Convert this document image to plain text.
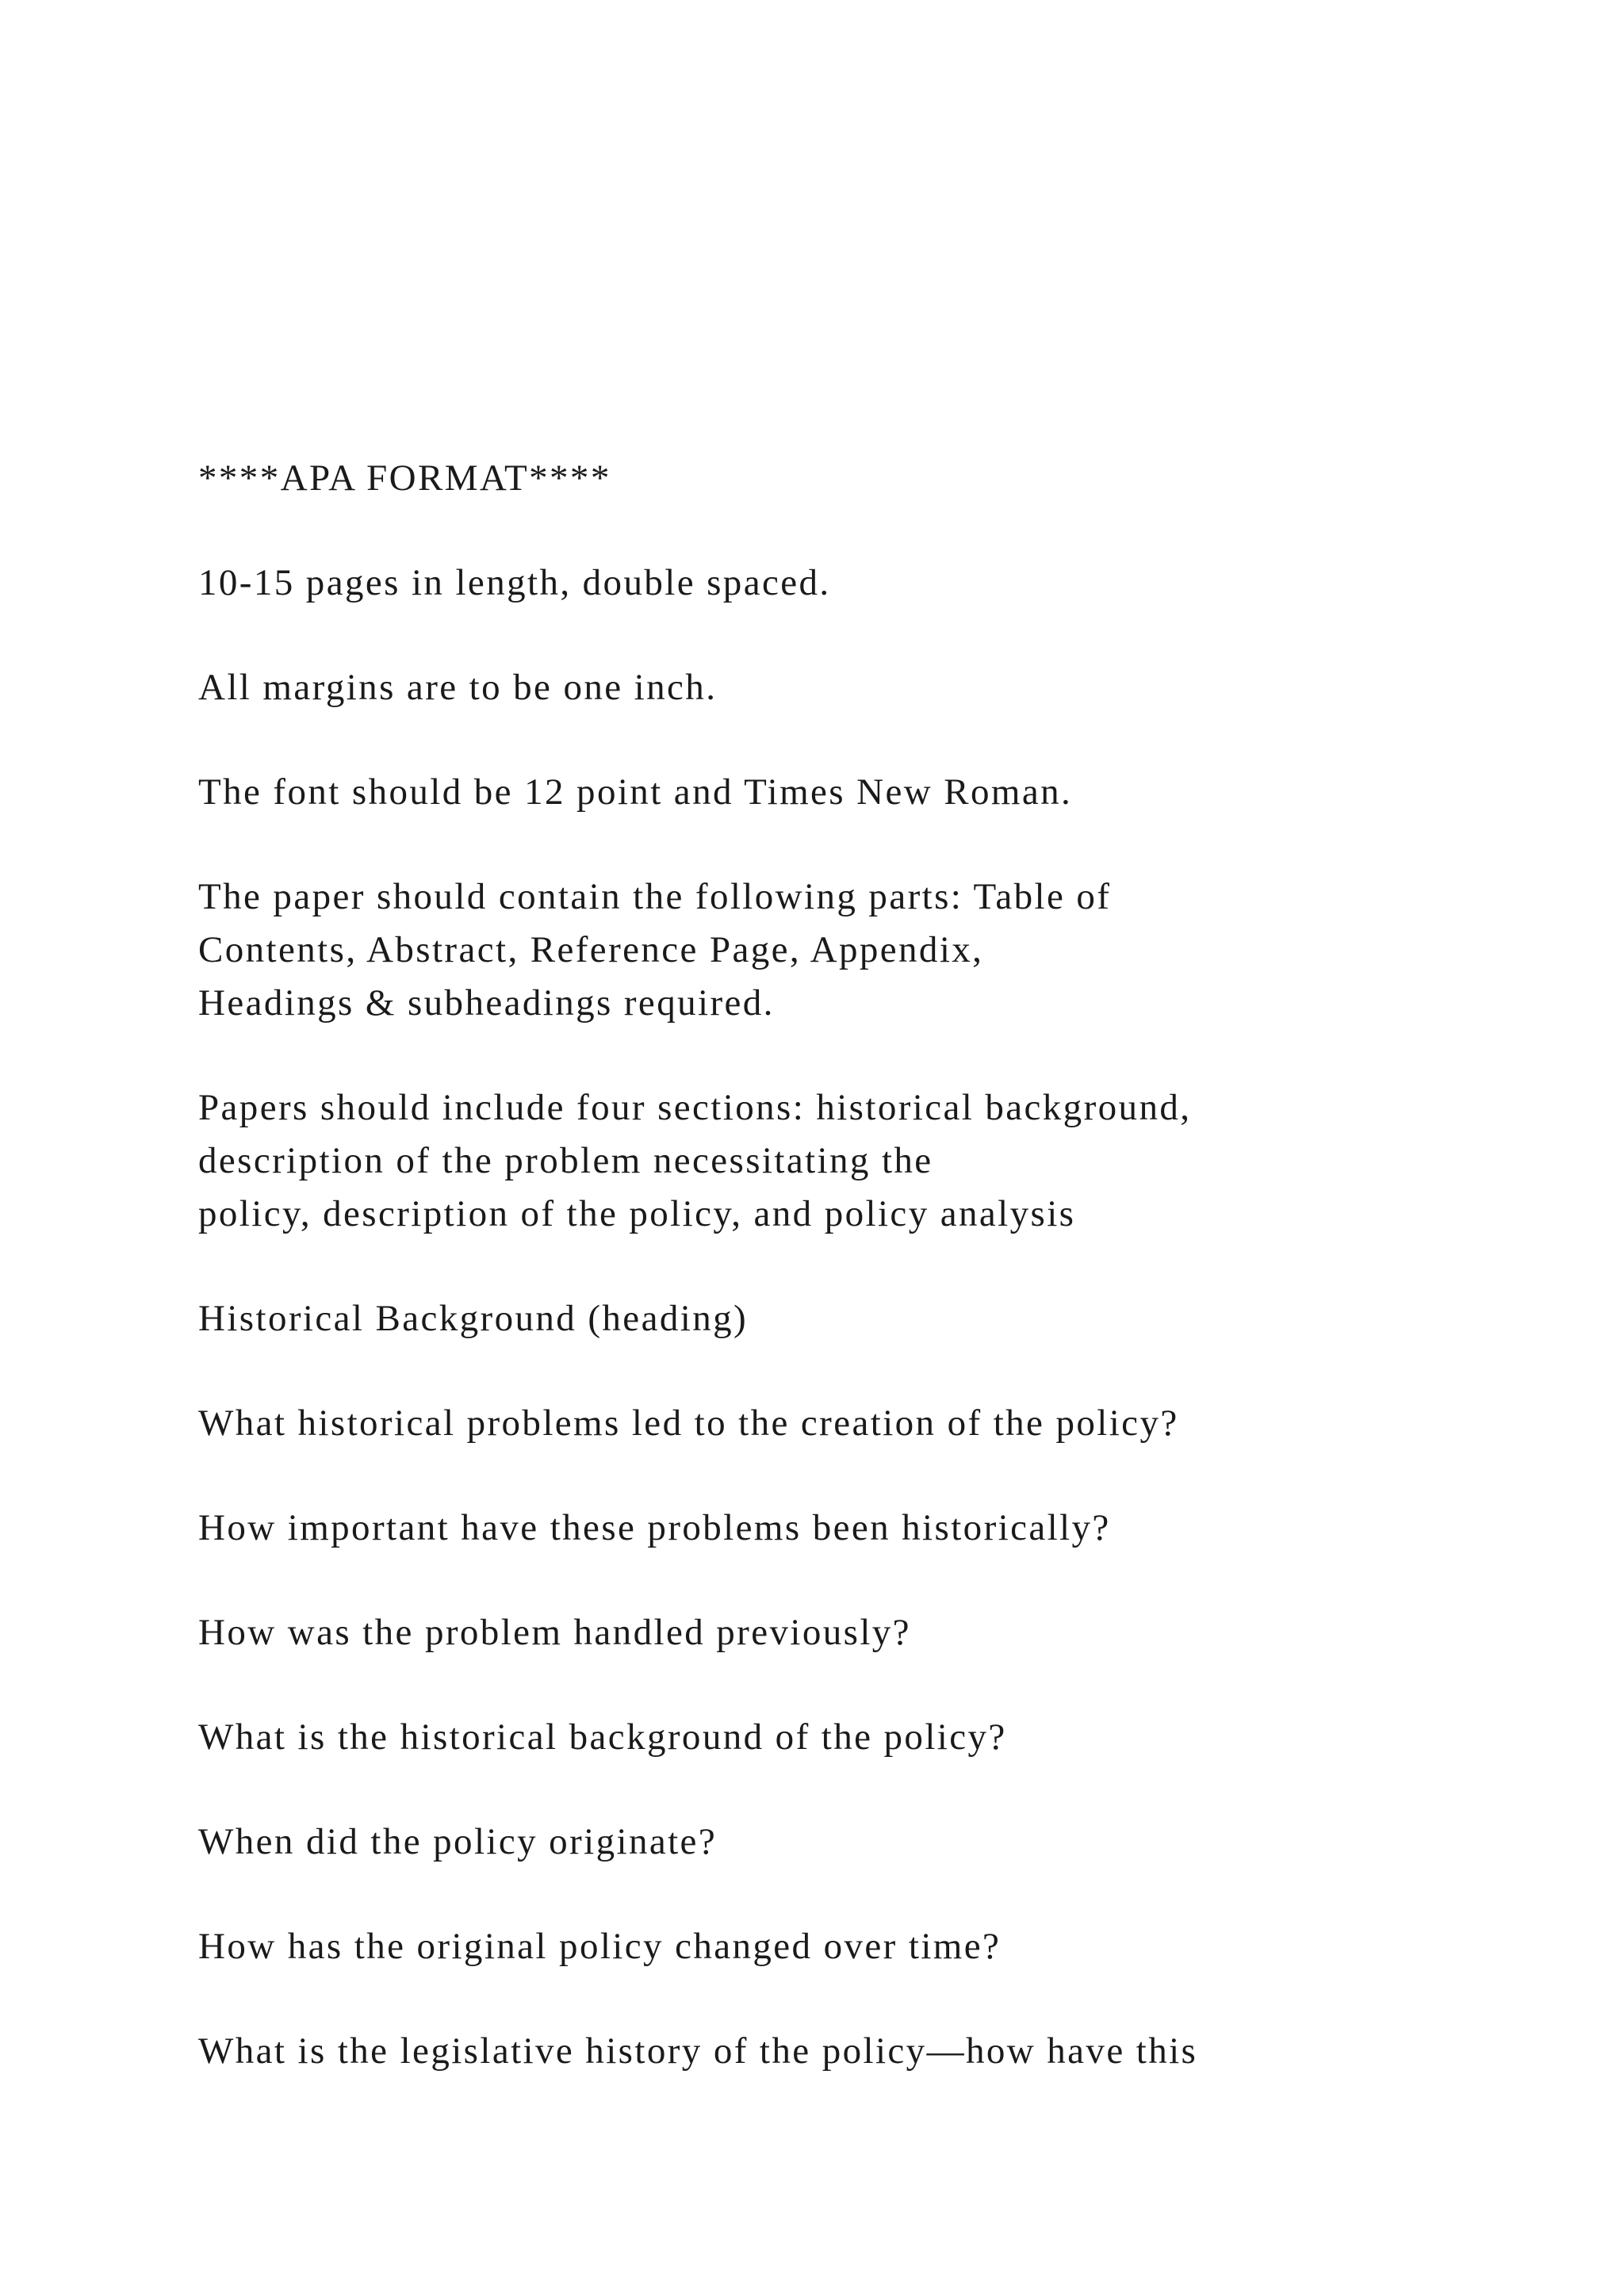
****APA FORMAT****

10-15 pages in length, double spaced.

All margins are to be one inch.

The font should be 12 point and Times New Roman.

The paper should contain the following parts: Table of
Contents, Abstract, Reference Page, Appendix,
Headings & subheadings required.

Papers should include four sections: historical background,
description of the problem necessitating the
policy, description of the policy, and policy analysis

Historical Background (heading)

What historical problems led to the creation of the policy?

How important have these problems been historically?

How was the problem handled previously?

What is the historical background of the policy?

When did the policy originate?

How has the original policy changed over time?

What is the legislative history of the policy—how have this
